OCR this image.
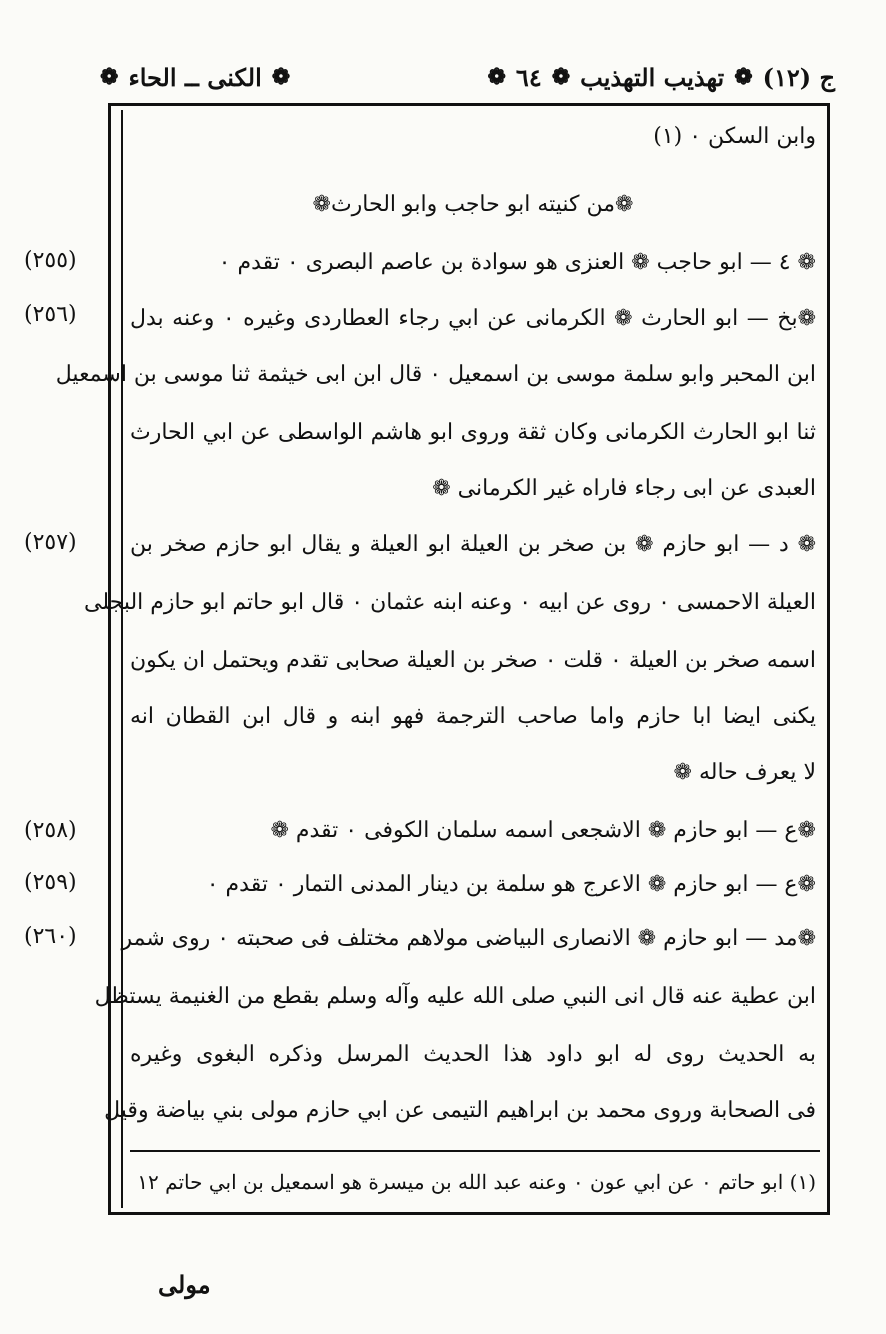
ج (١٢)
❁
تهذيب التهذيب
❁
٦٤
❁
❁
الكنى ــ الحاء
❁
(٢٥٥)
(٢٥٦)
(٢٥٧)
(٢٥٨)
(٢٥٩)
(٢٦٠)
وابن السكن ۰ (١)
❁من كنيته ابو حاجب وابو الحارث❁
❁ ٤ — ابو حاجب ❁ العنزى هو سوادة بن عاصم البصرى ۰ تقدم ۰
❁بخ — ابو الحارث ❁ الكرمانى عن ابي رجاء العطاردى وغيره ۰ وعنه بدل
ابن المحبر وابو سلمة موسى بن اسمعيل ۰ قال ابن ابى خيثمة ثنا موسى بن اسمعيل
ثنا ابو الحارث الكرمانى وكان ثقة وروى ابو هاشم الواسطى عن ابي الحارث
العبدى عن ابى رجاء فاراه غير الكرمانى ❁
❁ د — ابو حازم ❁ بن صخر بن العيلة ابو العيلة و يقال ابو حازم صخر بن
العيلة الاحمسى ۰ روى عن ابيه ۰ وعنه ابنه عثمان ۰ قال ابو حاتم ابو حازم البجلى
اسمه صخر بن العيلة ۰ قلت ۰ صخر بن العيلة صحابى تقدم ويحتمل ان يكون
يكنى ايضا ابا حازم واما صاحب الترجمة فهو ابنه و قال ابن القطان انه
لا يعرف حاله ❁
❁ع — ابو حازم ❁ الاشجعى اسمه سلمان الكوفى ۰ تقدم ❁
❁ع — ابو حازم ❁ الاعرج هو سلمة بن دينار المدنى التمار ۰ تقدم ۰
❁مد — ابو حازم ❁ الانصارى البياضى مولاهم مختلف فى صحبته ۰ روى شمر
ابن عطية عنه قال انى النبي صلى الله عليه وآله وسلم بقطع من الغنيمة يستظل
به الحديث روى له ابو داود هذا الحديث المرسل وذكره البغوى وغيره
فى الصحابة وروى محمد بن ابراهيم التيمى عن ابي حازم مولى بني بياضة وقيل
(١) ابو حاتم ۰ عن ابي عون ۰ وعنه عبد الله بن ميسرة هو اسمعيل بن ابي حاتم ١٢
مولى
